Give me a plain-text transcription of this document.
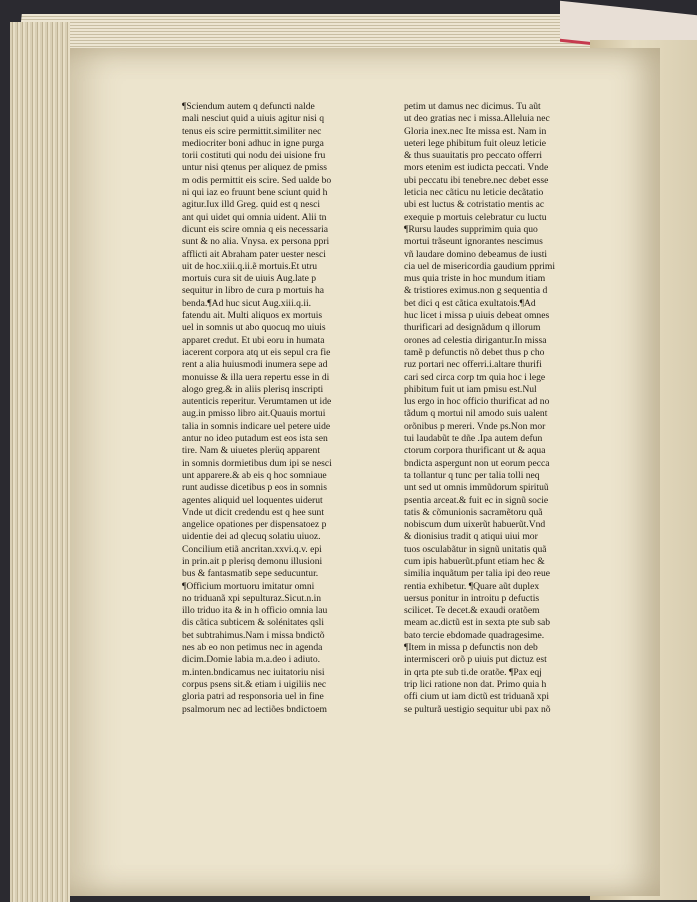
¶Sciendum autem q defuncti nalde
mali nesciut quid a uiuis agitur nisi q
tenus eis scire permittit.similiter nec
mediocriter boni adhuc in igne purga
torii costituti qui nodu dei uisione fru
untur nisi qtenus per aliquez de pmiss
m odis permittit eis scire. Sed ualde bo
ni qui iaz eo fruunt bene sciunt quid h
agitur.Iux illd Greg. quid est q nesci
ant qui uidet qui omnia uident. Alii tn
dicunt eis scire omnia q eis necessaria
sunt & no alia. Vnysa. ex persona ppri
afflicti ait Abraham pater uester nesci
uit de hoc.xiii.q.ii.ẽ mortuis.Et utru
mortuis cura sit de uiuis Aug.late p
sequitur in libro de cura p mortuis ha
benda.¶Ad huc sicut Aug.xiii.q.ii.
fatendu ait. Multi aliquos ex mortuis
uel in somnis ut abo quocuq mo uiuis
apparet credut. Et ubi eoru in humata
iacerent corpora atq ut eis sepul cra fie
rent a alia huiusmodi inumera sepe ad
monuisse & illa uera repertu esse in di
alogo greg.& in aliis plerisq inscripti
autenticis reperitur. Verumtamen ut ide
aug.in pmisso libro ait.Quauis mortui
talia in somnis indicare uel petere uide
antur no ideo putadum est eos ista sen
tire. Nam & uiuetes plerüq apparent
in somnis dormietibus dum ipi se nesci
unt apparere.& ab eis q hoc somniaue
runt audisse dicetibus p eos in somnis
agentes aliquid uel loquentes uiderut
Vnde ut dicit credendu est q hee sunt
angelice opationes per dispensatoez p
uidentie dei ad qlecuq solatiu uiuoz.
Concilium etiã ancritan.xxvi.q.v. epi
in prin.ait p plerisq demonu illusioni
bus & fantasmatib sepe seducuntur.
¶Officium mortuoru imitatur omni
no triduanã xpi sepulturaz.Sicut.n.in
illo triduo ita & in h officio omnia lau
dis cãtica subticem & solénitates qsli
bet subtrahimus.Nam i missa bndictõ
nes ab eo non petimus nec in agenda
dicim.Domie labia m.a.deo i adiuto.
m.inten.bndicamus nec iuitatoriu nisi
corpus psens sit.& etiam i uigiliis nec
gloria patri ad responsoria uel in fine
psalmorum nec ad lectiões bndictoem
petim ut damus nec dicimus. Tu aũt
ut deo gratias nec i missa.Alleluia nec
Gloria inex.nec Ite missa est. Nam in
ueteri lege phibitum fuit oleuz leticie
& thus suauitatis pro peccato offerri
mors etenim est iudicta peccati. Vnde
ubi peccatu ibi tenebre.nec debet esse
leticia nec cãticu nu leticie decãtatio
ubi est luctus & cotristatio mentis ac
exequie p mortuis celebratur cu luctu
¶Rursu laudes supprimim quia quo
mortui trãseunt ignorantes nescimus
vñ laudare domino debeamus de iusti
cia uel de misericordia gaudium pprimi
mus quia triste in hoc mundum itiam
& tristiores eximus.non g sequentia d
bet dici q est cãtica exultatois.¶Ad
huc licet i missa p uiuis debeat omnes
thurificari ad designãdum q illorum
orones ad celestia dirigantur.In missa
tamẽ p defunctis nõ debet thus p cho
ruz portari nec offerri.i.altare thurifi
cari sed circa corp tm quia hoc i lege
phibitum fuit ut iam pmisu est.Nul
lus ergo in hoc officio thurificat ad no
tãdum q mortui nil amodo suis ualent
orõnibus p mereri. Vnde ps.Non mor
tui laudabũt te dñe .Ipa autem defun
ctorum corpora thurificant ut & aqua
bndicta aspergunt non ut eorum pecca
ta tollantur q tunc per talia tolli neq
unt sed ut omnis immũdorum spirituũ
psentia arceat.& fuit ec in signũ socie
tatis & cõmunionis sacramẽtoru quã
nobiscum dum uixerũt habuerũt.Vnd
& dionisius tradit q atiqui uiui mor
tuos osculabãtur in signũ unitatis quã
cum ipis habuerũt.pfunt etiam hec &
similia inquãtum per talia ipi deo reue
rentia exhibetur. ¶Quare aũt duplex
uersus ponitur in introitu p defuctis
scilicet. Te decet.& exaudi oratõem
meam ac.dictũ est in sexta pte sub sab
bato tercie ebdomade quadragesime.
¶Item in missa p defunctis non deb
intermisceri orõ p uiuis put dictuz est
in qrta pte sub ti.de oratõe. ¶Pax eqj
trip lici ratione non dat. Primo quia h
offi cium ut iam dictũ est triduanã xpi
se pulturã uestigio sequitur ubi pax nõ
